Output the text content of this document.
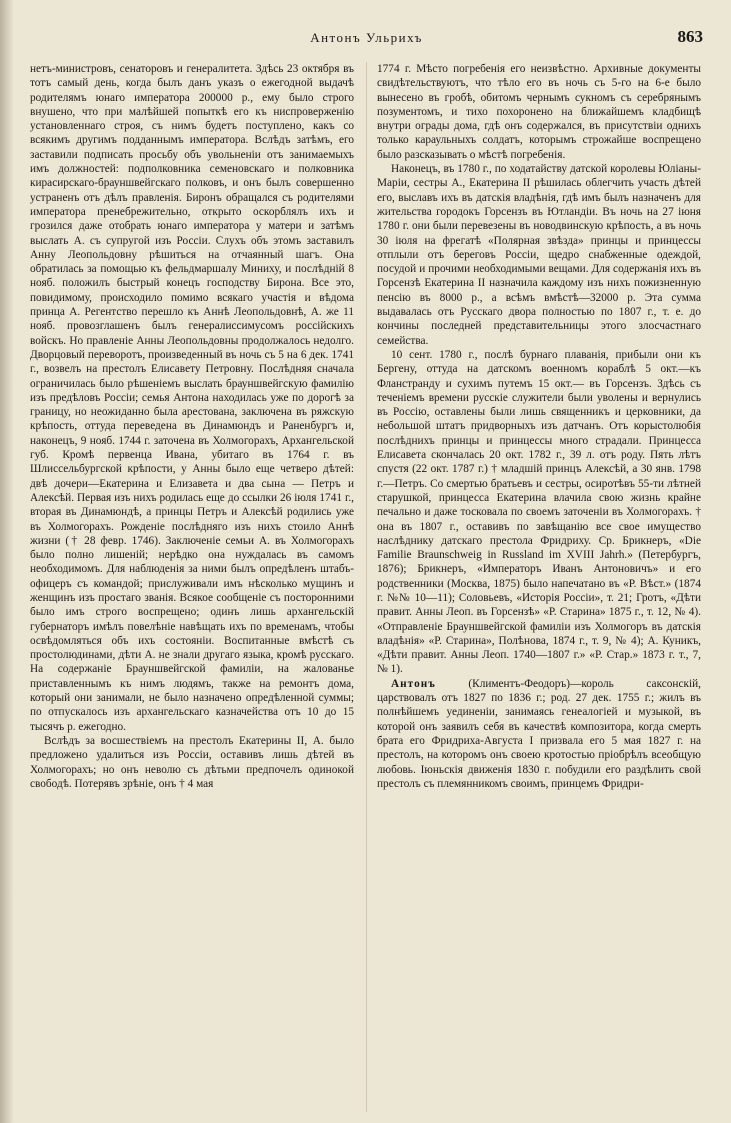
Антонъ Ульрихъ	863

нетъ-министровъ, сенаторовъ и генералитета. Здѣсь 23 октября въ тотъ самый день, когда былъ данъ указъ о ежегодной выдачѣ родителямъ юнаго императора 200000 р., ему было строго внушено, что при малѣйшей попыткѣ его къ ниспроверженію установленнаго строя, съ нимъ будетъ поступлено, какъ со всякимъ другимъ подданнымъ императора. Вслѣдъ затѣмъ, его заставили подписать просьбу объ увольненіи отъ занимаемыхъ имъ должностей: подполковника семеновскаго и полковника кирасирскаго-брауншвейгскаго полковъ, и онъ былъ совершенно устраненъ отъ дѣлъ правленія. Биронъ обращался съ родителями императора пренебрежительно, открыто оскорблялъ ихъ и грозился даже отобрать юнаго императора у матери и затѣмъ выслать А. съ супругой изъ Россіи. Слухъ объ этомъ заставилъ Анну Леопольдовну рѣшиться на отчаянный шагъ. Она обратилась за помощью къ фельдмаршалу Миниху, и послѣдній 8 нояб. положилъ быстрый конецъ господству Бирона. Все это, повидимому, происходило помимо всякаго участія и вѣдома принца А. Регентство перешло къ Аннѣ Леопольдовнѣ, А. же 11 нояб. провозглашенъ былъ генералиссимусомъ россійскихъ войскъ. Но правленіе Анны Леопольдовны продолжалось недолго. Дворцовый переворотъ, произведенный въ ночь съ 5 на 6 дек. 1741 г., возвелъ на престолъ Елисавету Петровну. Послѣдняя сначала ограничилась было рѣшеніемъ выслать брауншвейгскую фамилію изъ предѣловъ Россіи; семья Антона находилась уже по дорогѣ за границу, но неожиданно была арестована, заключена въ ряжскую крѣпость, оттуда переведена въ Динамюндъ и Раненбургъ и, наконецъ, 9 нояб. 1744 г. заточена въ Холмогорахъ, Архангельской губ. Кромѣ первенца Ивана, убитаго въ 1764 г. въ Шлиссельбургской крѣпости, у Анны было еще четверо дѣтей: двѣ дочери—Екатерина и Елизавета и два сына — Петръ и Алексѣй. Первая изъ нихъ родилась еще до ссылки 26 іюля 1741 г., вторая въ Динамюндѣ, а принцы Петръ и Алексѣй родились уже въ Холмогорахъ. Рожденіе послѣдняго изъ нихъ стоило Аннѣ жизни († 28 февр. 1746). Заключеніе семьи А. въ Холмогорахъ было полно лишеній; нерѣдко она нуждалась въ самомъ необходимомъ. Для наблюденія за ними былъ опредѣленъ штабъ-офицеръ съ командой; прислуживали имъ нѣсколько мущинъ и женщинъ изъ простаго званія. Всякое сообщеніе съ посторонними было имъ строго воспрещено; одинъ лишь архангельскій губернаторъ имѣлъ повелѣніе навѣщать ихъ по временамъ, чтобы освѣдомляться объ ихъ состояніи. Воспитанные вмѣстѣ съ простолюдинами, дѣти А. не знали другаго языка, кромѣ русскаго. На содержаніе Брауншвейгской фамиліи, на жалованье приставленнымъ къ нимъ людямъ, также на ремонтъ дома, который они занимали, не было назначено опредѣленной суммы; по отпускалось изъ архангельскаго казначейства отъ 10 до 15 тысячъ р. ежегодно.

Вслѣдъ за восшествіемъ на престолъ Екатерины II, А. было предложено удалиться изъ Россіи, оставивъ лишь дѣтей въ Холмогорахъ; но онъ неволю съ дѣтьми предпочелъ одинокой свободѣ. Потерявъ зрѣніе, онъ † 4 мая

1774 г. Мѣсто погребенія его неизвѣстно. Архивные документы свидѣтельствуютъ, что тѣло его въ ночь съ 5-го на 6-е было вынесено въ гробѣ, обитомъ чернымъ сукномъ съ серебрянымъ позументомъ, и тихо похоронено на ближайшемъ кладбищѣ внутри ограды дома, гдѣ онъ содержался, въ присутствіи однихъ только караульныхъ солдатъ, которымъ строжайше воспрещено было разсказывать о мѣстѣ погребенія.

Наконецъ, въ 1780 г., по ходатайству датской королевы Юліаны-Маріи, сестры А., Екатерина II рѣшилась облегчить участь дѣтей его, выславъ ихъ въ датскія владѣнія, гдѣ имъ былъ назначенъ для жительства городокъ Горсензъ въ Ютландіи. Въ ночь на 27 іюня 1780 г. они были перевезены въ новодвинскую крѣпость, а въ ночь 30 іюля на фрегатѣ «Полярная звѣзда» принцы и принцессы отплыли отъ береговъ Россіи, щедро снабженные одеждой, посудой и прочими необходимыми вещами. Для содержанія ихъ въ Горсензѣ Екатерина II назначила каждому изъ нихъ пожизненную пенсію въ 8000 р., а всѣмъ вмѣстѣ—32000 р. Эта сумма выдавалась отъ Русскаго двора полностью по 1807 г., т. е. до кончины последней представительницы этого злосчастнаго семейства.

10 сент. 1780 г., послѣ бурнаго плаванія, прибыли они къ Бергену, оттуда на датскомъ военномъ кораблѣ 5 окт.—къ Фланстранду и сухимъ путемъ 15 окт.— въ Горсензъ. Здѣсь съ теченіемъ времени русскіе служители были уволены и вернулись въ Россію, оставлены были лишь священникъ и церковники, да небольшой штатъ придворныхъ изъ датчанъ. Отъ корыстолюбія послѣднихъ принцы и принцессы много страдали. Принцесса Елисавета скончалась 20 окт. 1782 г., 39 л. отъ роду. Пять лѣтъ спустя (22 окт. 1787 г.) † младшій принцъ Алексѣй, а 30 янв. 1798 г.—Петръ. Со смертью братьевъ и сестры, осиротѣвъ 55-ти лѣтней старушкой, принцесса Екатерина влачила свою жизнь крайне печально и даже тосковала по своемъ заточеніи въ Холмогорахъ. † она въ 1807 г., оставивъ по завѣщанію все свое имущество наслѣднику датскаго престола Фридриху. Ср. Брикнеръ, «Die Familie Braunschweig in Russland im XVIII Jahrh.» (Петербургъ, 1876); Брикнеръ, «Императоръ Иванъ Антоновичъ» и его родственники (Москва, 1875) было напечатано въ «Р. Вѣст.» (1874 г. №№ 10—11); Соловьевъ, «Исторія Россіи», т. 21; Гротъ, «Дѣти правит. Анны Леоп. въ Горсензѣ» «Р. Старина» 1875 г., т. 12, № 4). «Отправленіе Брауншвейгской фамиліи изъ Холмогоръ въ датскія владѣнія» «Р. Старина», Полѣнова, 1874 г., т. 9, № 4); А. Куникъ, «Дѣти правит. Анны Леоп. 1740—1807 г.» «Р. Стар.» 1873 г. т., 7, № 1).

Антонъ	(Климентъ-Феодоръ)—король саксонскій, царствовалъ отъ 1827 по 1836 г.; род. 27 дек. 1755 г.; жилъ въ полнѣйшемъ уединеніи, занимаясь генеалогіей и музыкой, въ которой онъ заявилъ себя въ качествѣ композитора, когда смерть брата его Фридриха-Августа I призвала его 5 мая 1827 г. на престолъ, на которомъ онъ своею кротостью пріобрѣлъ всеобщую любовь. Іюньскія движенія 1830 г. побудили его раздѣлить свой престолъ съ племянникомъ своимъ, принцемъ Фридри-
